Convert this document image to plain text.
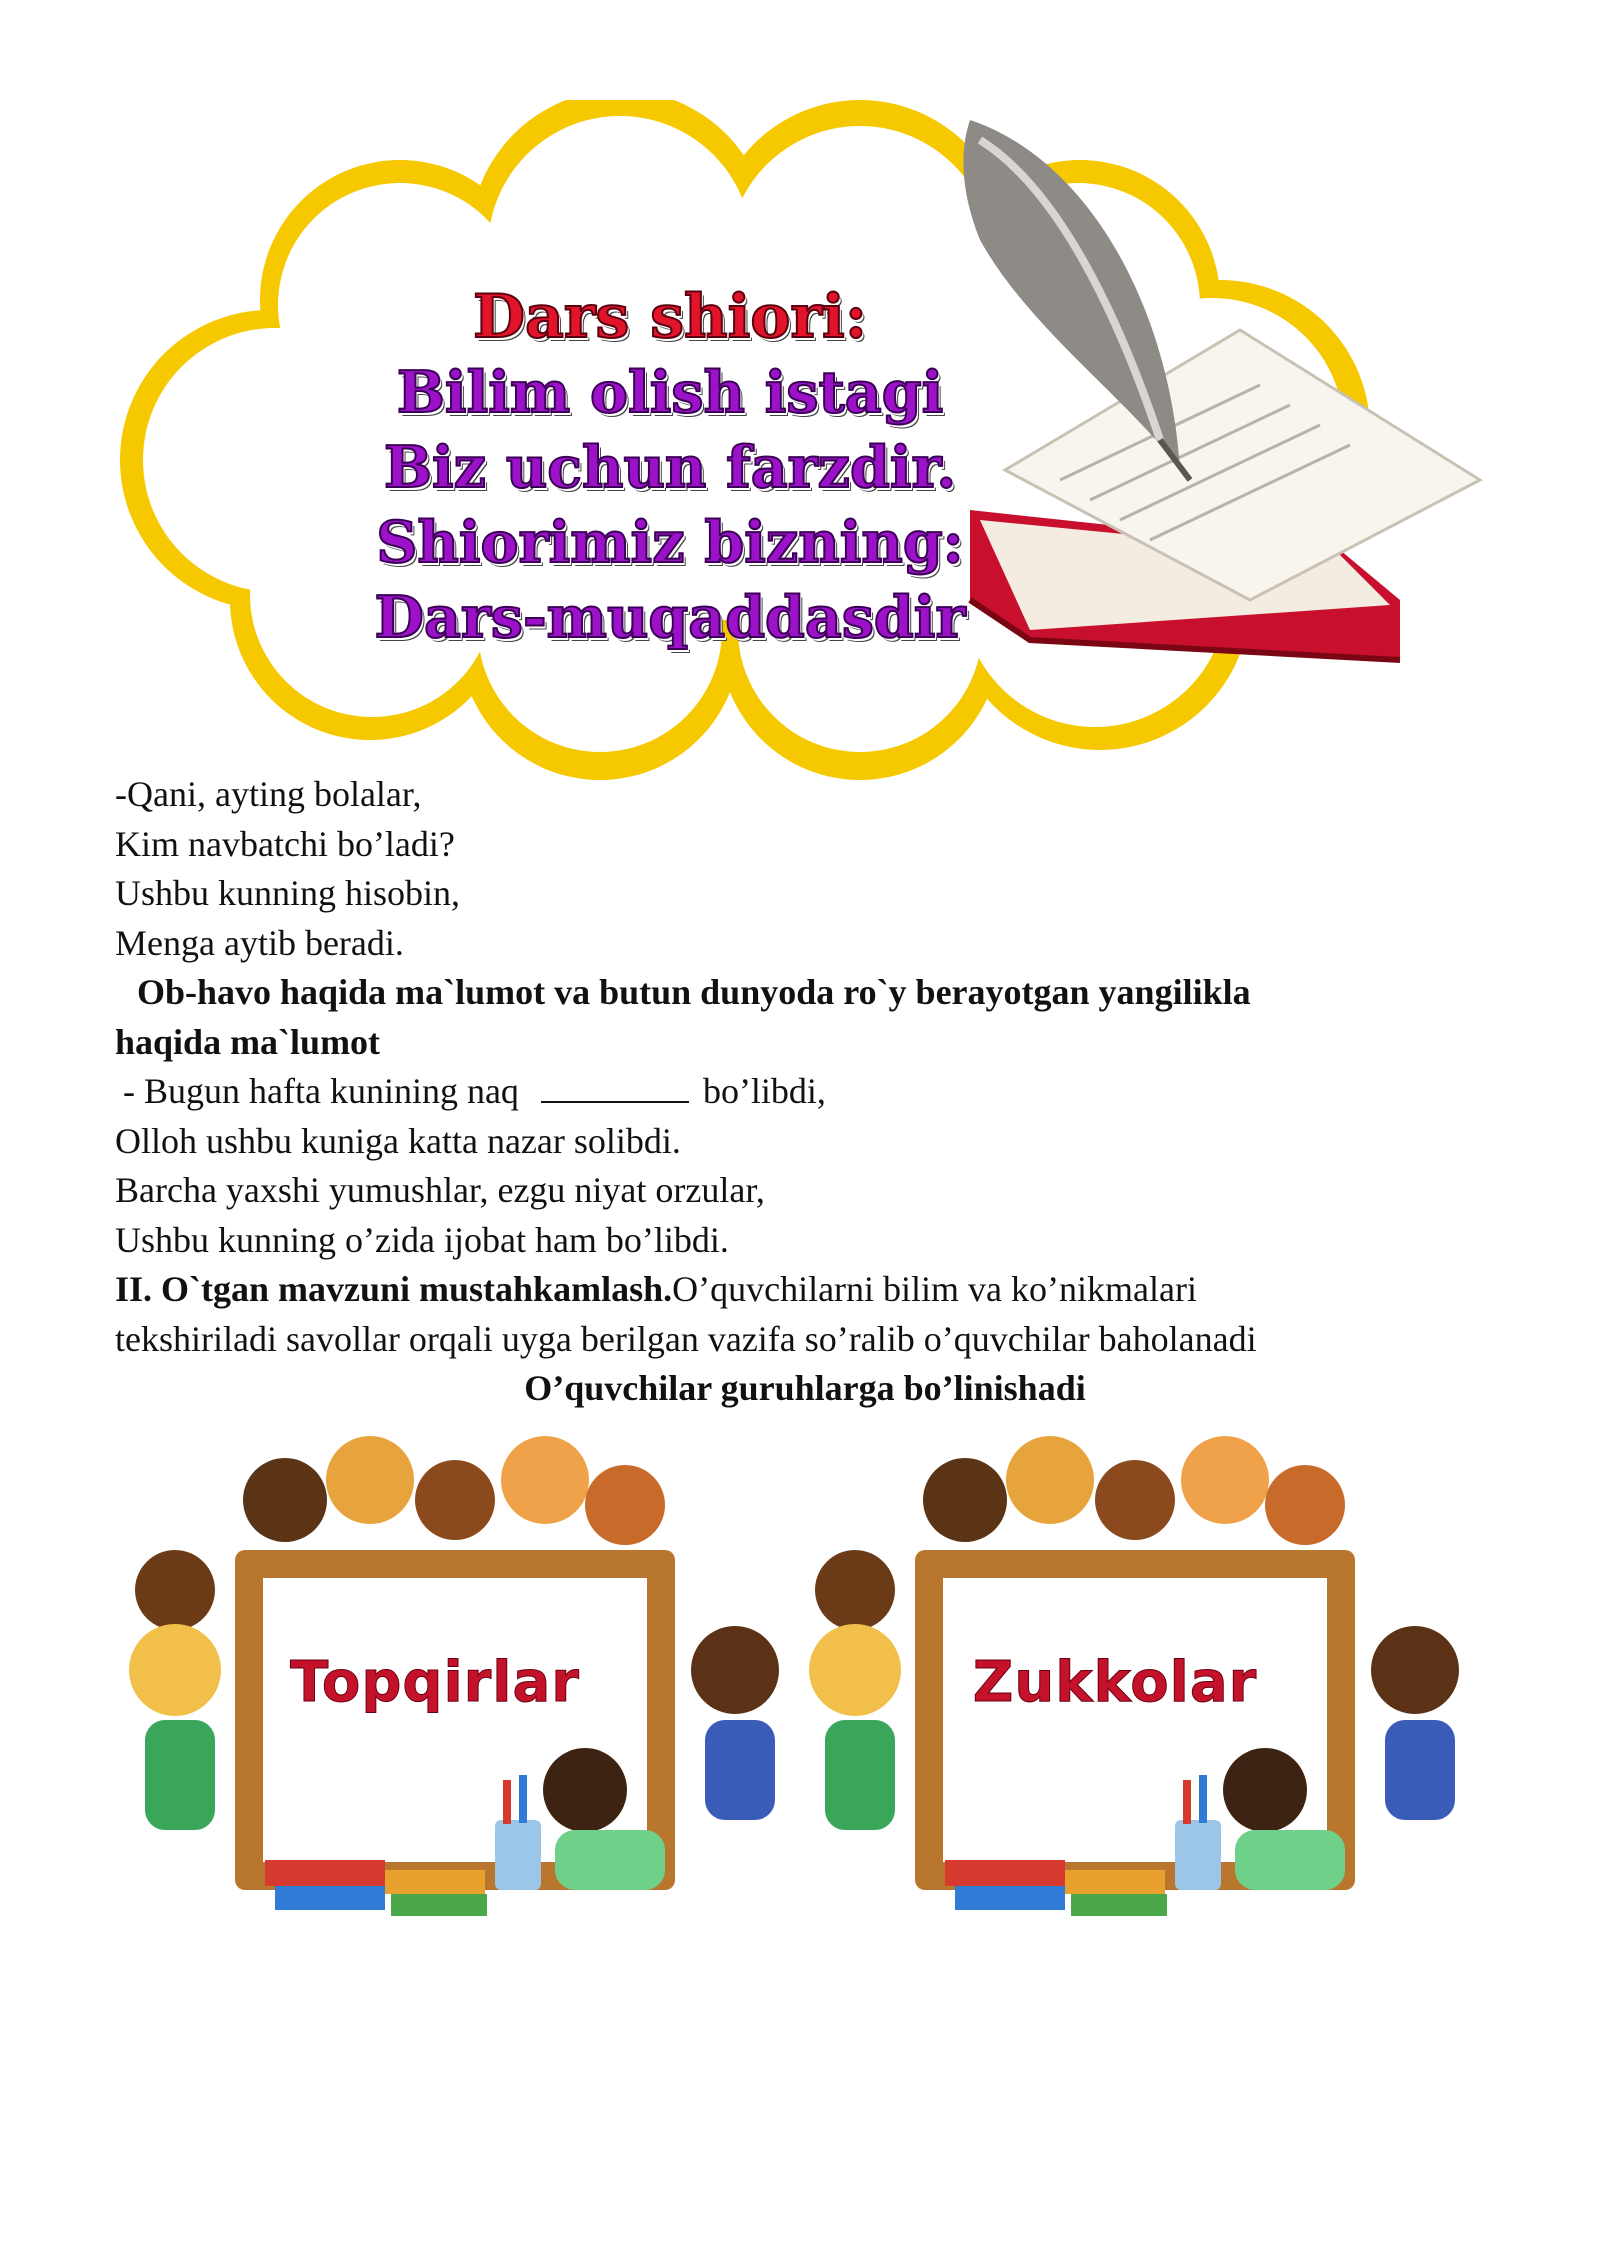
Dars shiori:
Bilim olish istagi
Biz uchun farzdir.
Shiorimiz bizning:
Dars-muqaddasdir

-Qani, ayting bolalar,

Kim navbatchi bo’ladi?

Ushbu kunning hisobin,

Menga aytib beradi.

Ob-havo haqida ma`lumot va butun dunyoda ro`y berayotgan yangilikla

haqida ma`lumot

- Bugun hafta kunining naq	bo’libdi,

Olloh ushbu kuniga katta nazar solibdi.

Barcha yaxshi yumushlar, ezgu niyat orzular,

Ushbu kunning o’zida ijobat ham bo’libdi.

II. O`tgan mavzuni mustahkamlash.O’quvchilarni bilim va ko’nikmalari

tekshiriladi savollar orqali uyga berilgan vazifa so’ralib o’quvchilar baholanadi

O’quvchilar guruhlarga bo’linishadi

Topqirlar	Zukkolar
